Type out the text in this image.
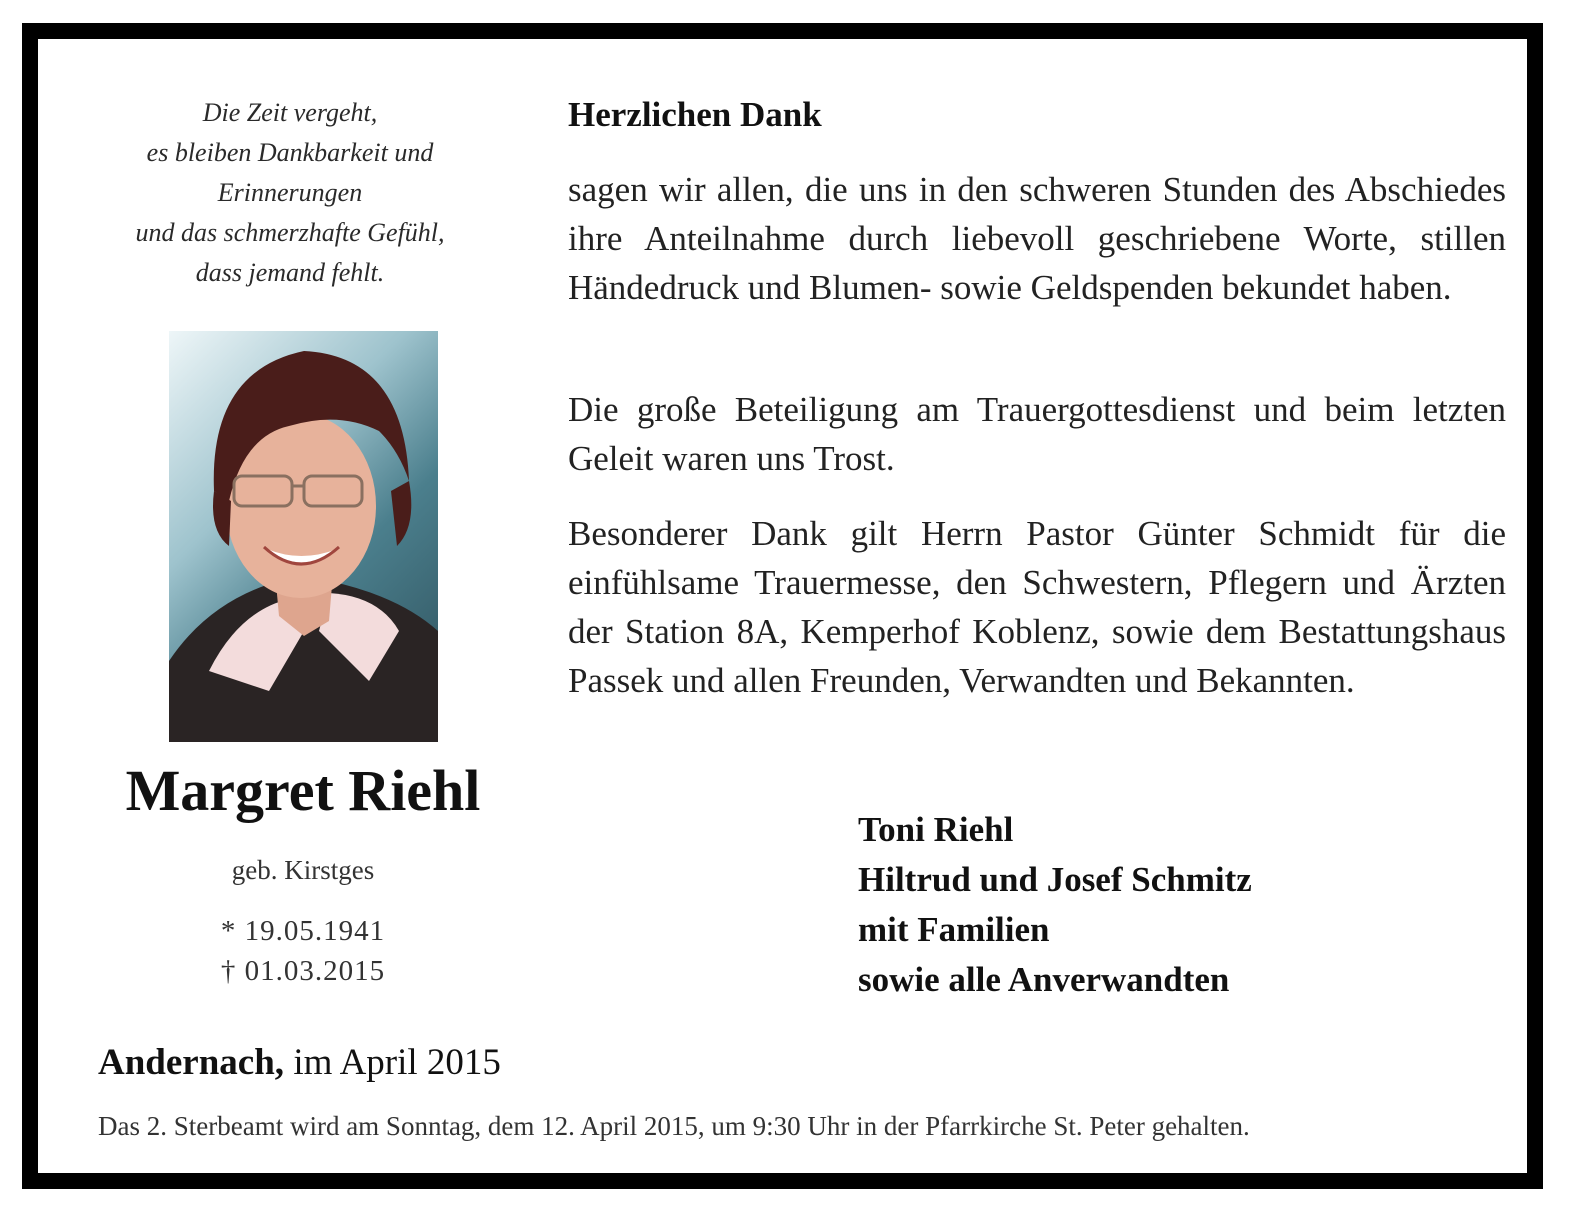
Die Zeit vergeht,
es bleiben Dankbarkeit und
Erinnerungen
und das schmerzhafte Gefühl,
dass jemand fehlt.
Margret Riehl
geb. Kirstges
* 19.05.1941
† 01.03.2015
Herzlichen Dank
sagen wir allen, die uns in den schweren Stunden des Abschiedes ihre Anteilnahme durch liebevoll geschriebene Worte, stillen Händedruck und Blumen- sowie Geldspenden bekundet haben.
Die große Beteiligung am Trauergottesdienst und beim letzten Geleit waren uns Trost.
Besonderer Dank gilt Herrn Pastor Günter Schmidt für die einfühlsame Trauermesse, den Schwestern, Pflegern und Ärzten der Station 8A, Kemperhof Koblenz, sowie dem Bestattungshaus Passek und allen Freunden, Verwandten und Bekannten.
Toni Riehl
Hiltrud und Josef Schmitz
mit Familien
sowie alle Anverwandten
Andernach, im April 2015
Das 2. Sterbeamt wird am Sonntag, dem 12. April 2015, um 9:30 Uhr in der Pfarrkirche St. Peter gehalten.
